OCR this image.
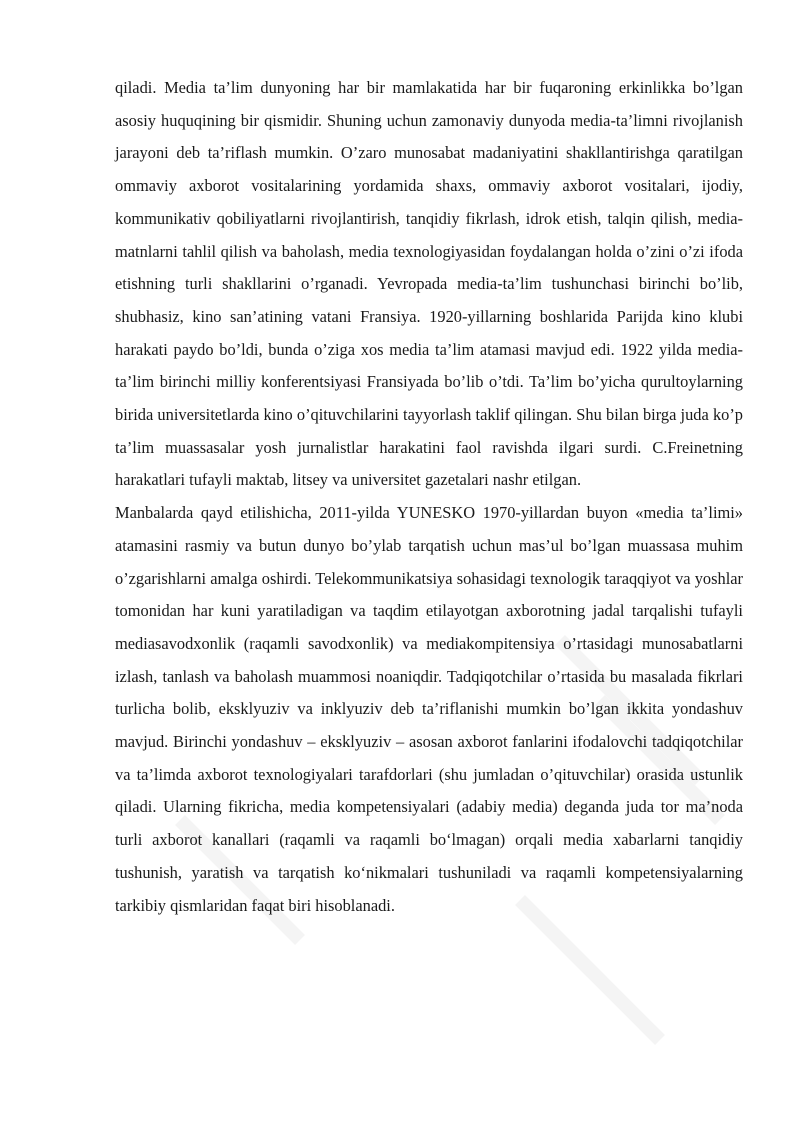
qiladi. Media ta’lim dunyoning har bir mamlakatida har bir fuqaroning erkinlikka bo’lgan asosiy huquqining bir qismidir. Shuning uchun zamonaviy dunyoda media-ta’limni rivojlanish jarayoni deb ta’riflash mumkin. O’zaro munosabat madaniyatini shakllantirishga qaratilgan ommaviy axborot vositalarining yordamida shaxs, ommaviy axborot vositalari, ijodiy, kommunikativ qobiliyatlarni rivojlantirish, tanqidiy fikrlash, idrok etish, talqin qilish, media-matnlarni tahlil qilish va baholash, media texnologiyasidan foydalangan holda o’zini o’zi ifoda etishning turli shakllarini o’rganadi. Yevropada media-ta’lim tushunchasi birinchi bo’lib, shubhasiz, kino san’atining vatani Fransiya. 1920-yillarning boshlarida Parijda kino klubi harakati paydo bo’ldi, bunda o’ziga xos media ta’lim atamasi mavjud edi. 1922 yilda media-ta’lim birinchi milliy konferentsiyasi Fransiyada bo’lib o’tdi. Ta’lim bo’yicha qurultoylarning birida universitetlarda kino o’qituvchilarini tayyorlash taklif qilingan. Shu bilan birga juda ko’p ta’lim muassasalar yosh jurnalistlar harakatini faol ravishda ilgari surdi. C.Freinetning harakatlari tufayli maktab, litsey va universitet gazetalari nashr etilgan.

Manbalarda qayd etilishicha, 2011-yilda YUNESKO 1970-yillardan buyon «media ta’limi» atamasini rasmiy va butun dunyo bo’ylab tarqatish uchun mas’ul bo’lgan muassasa muhim o’zgarishlarni amalga oshirdi. Telekommunikatsiya sohasidagi texnologik taraqqiyot va yoshlar tomonidan har kuni yaratiladigan va taqdim etilayotgan axborotning jadal tarqalishi tufayli mediasavodxonlik (raqamli savodxonlik) va mediakompitensiya o’rtasidagi munosabatlarni izlash, tanlash va baholash muammosi noaniqdir. Tadqiqotchilar o’rtasida bu masalada fikrlari turlicha bolib, eksklyuziv va inklyuziv deb ta’riflanishi mumkin bo’lgan ikkita yondashuv mavjud. Birinchi yondashuv – eksklyuziv – asosan axborot fanlarini ifodalovchi tadqiqotchilar va ta’limda axborot texnologiyalari tarafdorlari (shu jumladan o’qituvchilar) orasida ustunlik qiladi. Ularning fikricha, media kompetensiyalari (adabiy media) deganda juda tor ma’noda turli axborot kanallari (raqamli va raqamli bo‘lmagan) orqali media xabarlarni tanqidiy tushunish, yaratish va tarqatish ko‘nikmalari tushuniladi va raqamli kompetensiyalarning tarkibiy qismlaridan faqat biri hisoblanadi.
